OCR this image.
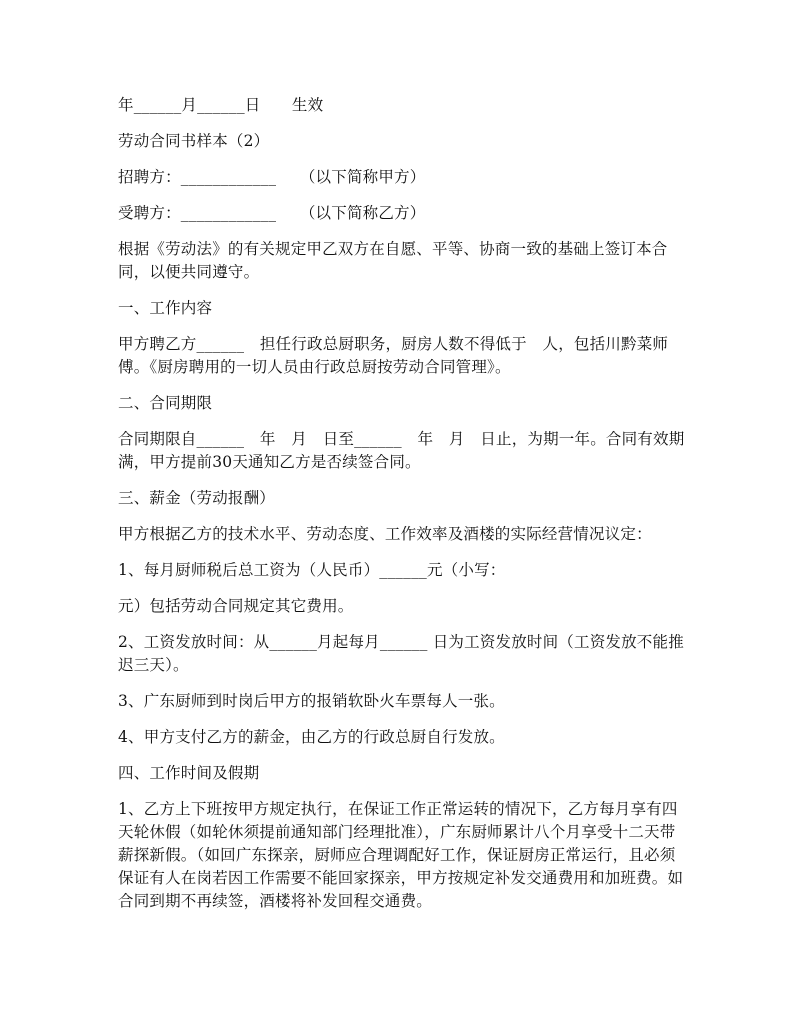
年______月______日　　生效

劳动合同书样本（2）

招聘方：____________　　（以下简称甲方）

受聘方：____________　　（以下简称乙方）

根据《劳动法》的有关规定甲乙双方在自愿、平等、协商一致的基础上签订本合同，以便共同遵守。

一、工作内容

甲方聘乙方______　担任行政总厨职务，厨房人数不得低于　人，包括川黔菜师傅。《厨房聘用的一切人员由行政总厨按劳动合同管理》。

二、合同期限

合同期限自______　年　月　日至______　年　月　日止，为期一年。合同有效期满，甲方提前30天通知乙方是否续签合同。

三、薪金（劳动报酬）

甲方根据乙方的技术水平、劳动态度、工作效率及酒楼的实际经营情况议定：

1、每月厨师税后总工资为（人民币）______元（小写：

元）包括劳动合同规定其它费用。

2、工资发放时间：从______月起每月______ 日为工资发放时间（工资发放不能推迟三天）。

3、广东厨师到时岗后甲方的报销软卧火车票每人一张。

4、甲方支付乙方的薪金，由乙方的行政总厨自行发放。

四、工作时间及假期

1、乙方上下班按甲方规定执行，在保证工作正常运转的情况下，乙方每月享有四天轮休假（如轮休须提前通知部门经理批准），广东厨师累计八个月享受十二天带薪探新假。（如回广东探亲，厨师应合理调配好工作，保证厨房正常运行，且必须保证有人在岗若因工作需要不能回家探亲，甲方按规定补发交通费用和加班费。如合同到期不再续签，酒楼将补发回程交通费。
